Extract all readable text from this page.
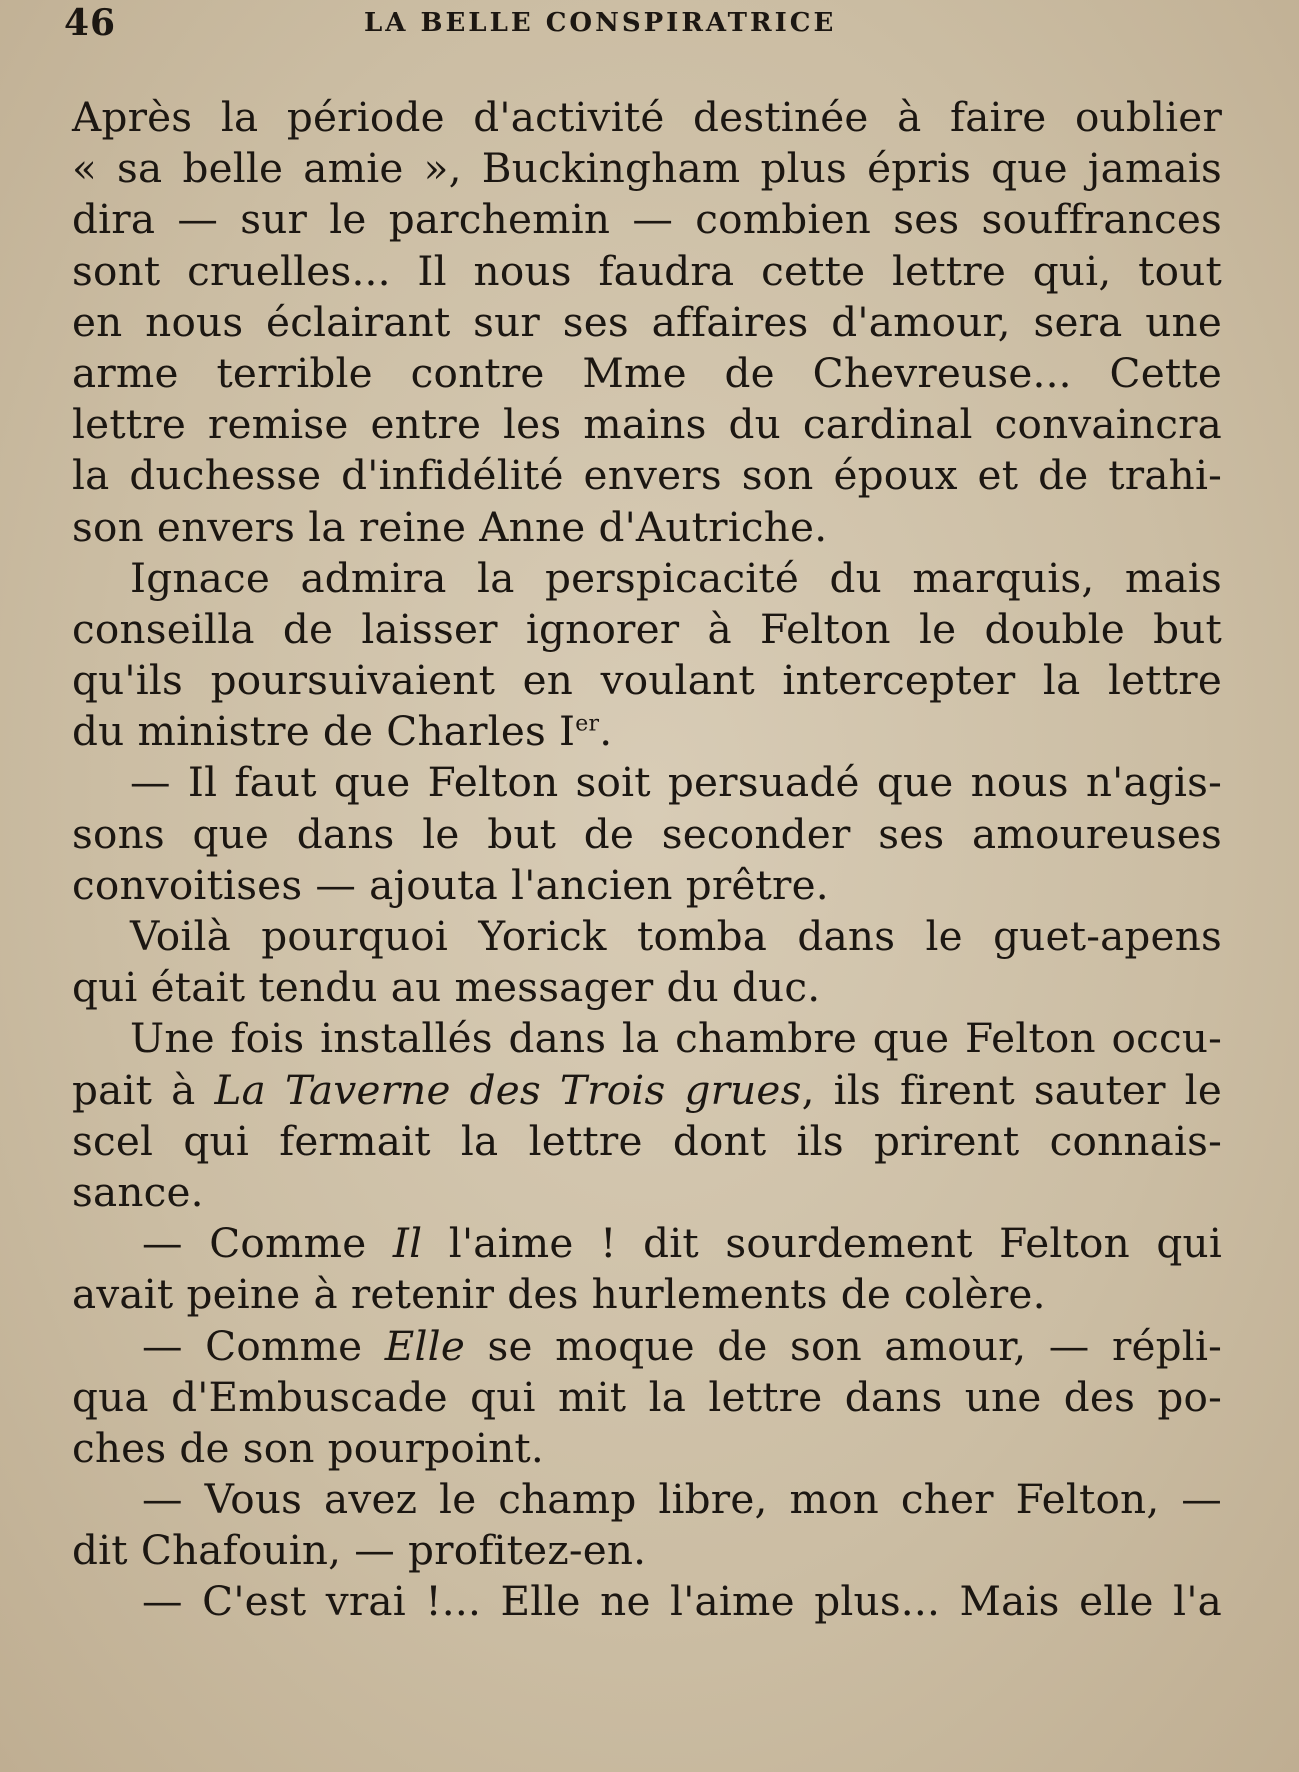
46	LA BELLE CONSPIRATRICE
Après la période d'activité destinée à faire oublier
« sa belle amie », Buckingham plus épris que jamais
dira — sur le parchemin — combien ses souffrances
sont cruelles... Il nous faudra cette lettre qui, tout
en nous éclairant sur ses affaires d'amour, sera une
arme terrible contre Mme de Chevreuse... Cette
lettre remise entre les mains du cardinal convaincra
la duchesse d'infidélité envers son époux et de trahi-
son envers la reine Anne d'Autriche.
Ignace admira la perspicacité du marquis, mais
conseilla de laisser ignorer à Felton le double but
qu'ils poursuivaient en voulant intercepter la lettre
du ministre de Charles Ier.
— Il faut que Felton soit persuadé que nous n'agis-
sons que dans le but de seconder ses amoureuses
convoitises — ajouta l'ancien prêtre.
Voilà pourquoi Yorick tomba dans le guet-apens
qui était tendu au messager du duc.
Une fois installés dans la chambre que Felton occu-
pait à La Taverne des Trois grues, ils firent sauter le
scel qui fermait la lettre dont ils prirent connais-
sance.
— Comme Il l'aime ! dit sourdement Felton qui
avait peine à retenir des hurlements de colère.
— Comme Elle se moque de son amour, — répli-
qua d'Embuscade qui mit la lettre dans une des po-
ches de son pourpoint.
— Vous avez le champ libre, mon cher Felton, —
dit Chafouin, — profitez-en.
— C'est vrai !... Elle ne l'aime plus... Mais elle l'a
